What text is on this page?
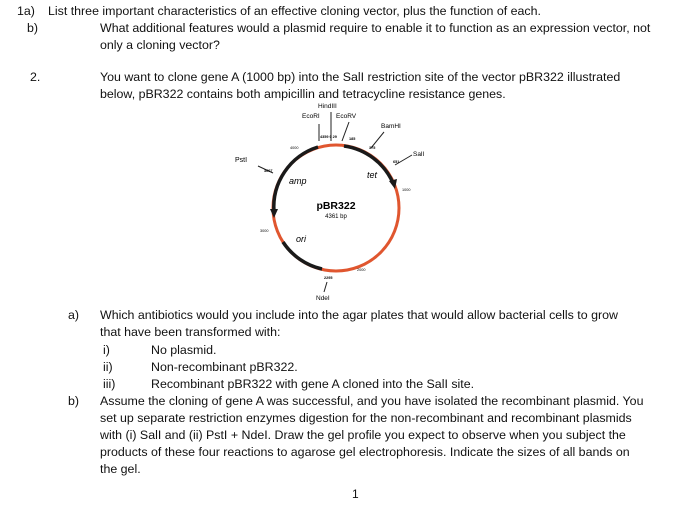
1a) List three important characteristics of an effective cloning vector, plus the function of each.
b)	What additional features would a plasmid require to enable it to function as an expression vector, not
only a cloning vector?
2.	You want to clone gene A (1000 bp) into the SalI restriction site of the vector pBR322 illustrated
below, pBR322 contains both ampicillin and tetracycline resistance genes.
HindIII
EcoRI	EcoRV
BamHI
SalI
PstI
NdeI
4359 0 29	185
375
651
3607
2295
4000
1000
3000
2000
amp
tet
ori
pBR322
4361 bp
a) Which antibiotics would you include into the agar plates that would allow bacterial cells to grow
that have been transformed with:
i)	No plasmid.
ii)	Non-recombinant pBR322.
iii)	Recombinant pBR322 with gene A cloned into the SalI site.
b) Assume the cloning of gene A was successful, and you have isolated the recombinant plasmid. You
set up separate restriction enzymes digestion for the non-recombinant and recombinant plasmids
with (i) SalI and (ii) PstI + NdeI. Draw the gel profile you expect to observe when you subject the
products of these four reactions to agarose gel electrophoresis. Indicate the sizes of all bands on
the gel.
1
